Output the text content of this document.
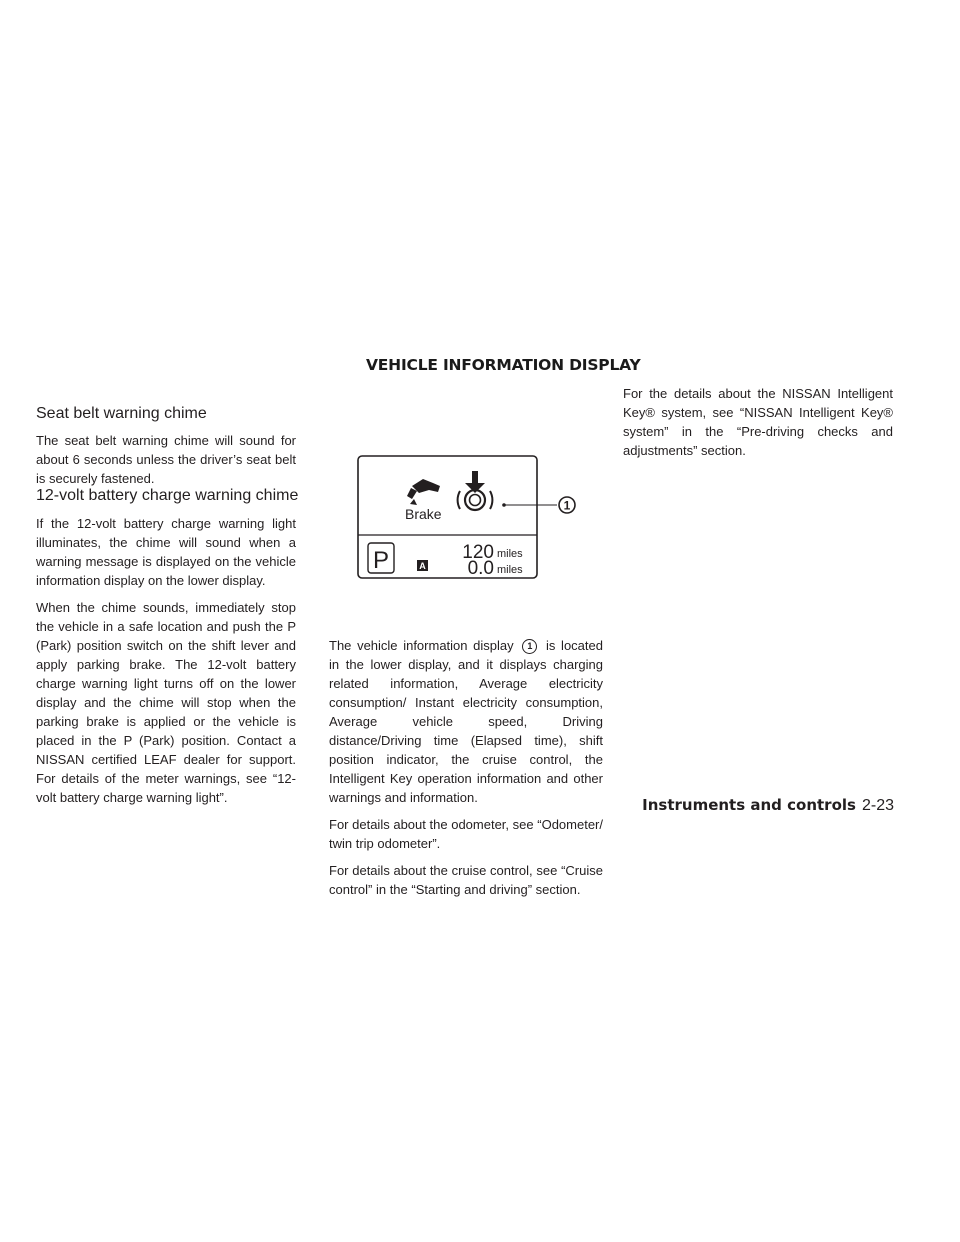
Seat belt warning chime

The seat belt warning chime will sound for about 6 seconds unless the driver’s seat belt is securely fastened.

12-volt battery charge warning chime

If the 12-volt battery charge warning light illuminates, the chime will sound when a warning message is displayed on the vehicle information display on the lower display.

When the chime sounds, immediately stop the vehicle in a safe location and push the P (Park) position switch on the shift lever and apply parking brake. The 12-volt battery charge warning light turns off on the lower display and the chime will stop when the parking brake is applied or the vehicle is placed in the P (Park) position. Contact a NISSAN certified LEAF dealer for support. For details of the meter warnings, see “12-volt battery charge warning light”.

VEHICLE INFORMATION DISPLAY
Brake
1
P	A
120 miles
0.0 miles

The vehicle information display 1 is located in the lower display, and it displays charging related information, Average electricity consumption/ Instant electricity consumption, Average vehicle speed, Driving distance/Driving time (Elapsed time), shift position indicator, the cruise control, the Intelligent Key operation information and other warnings and information.

For details about the odometer, see “Odometer/ twin trip odometer”.

For details about the cruise control, see “Cruise control” in the “Starting and driving” section.

For the details about the NISSAN Intelligent Key® system, see “NISSAN Intelligent Key® system” in the “Pre-driving checks and adjustments” section.

Instruments and controls 2-23
